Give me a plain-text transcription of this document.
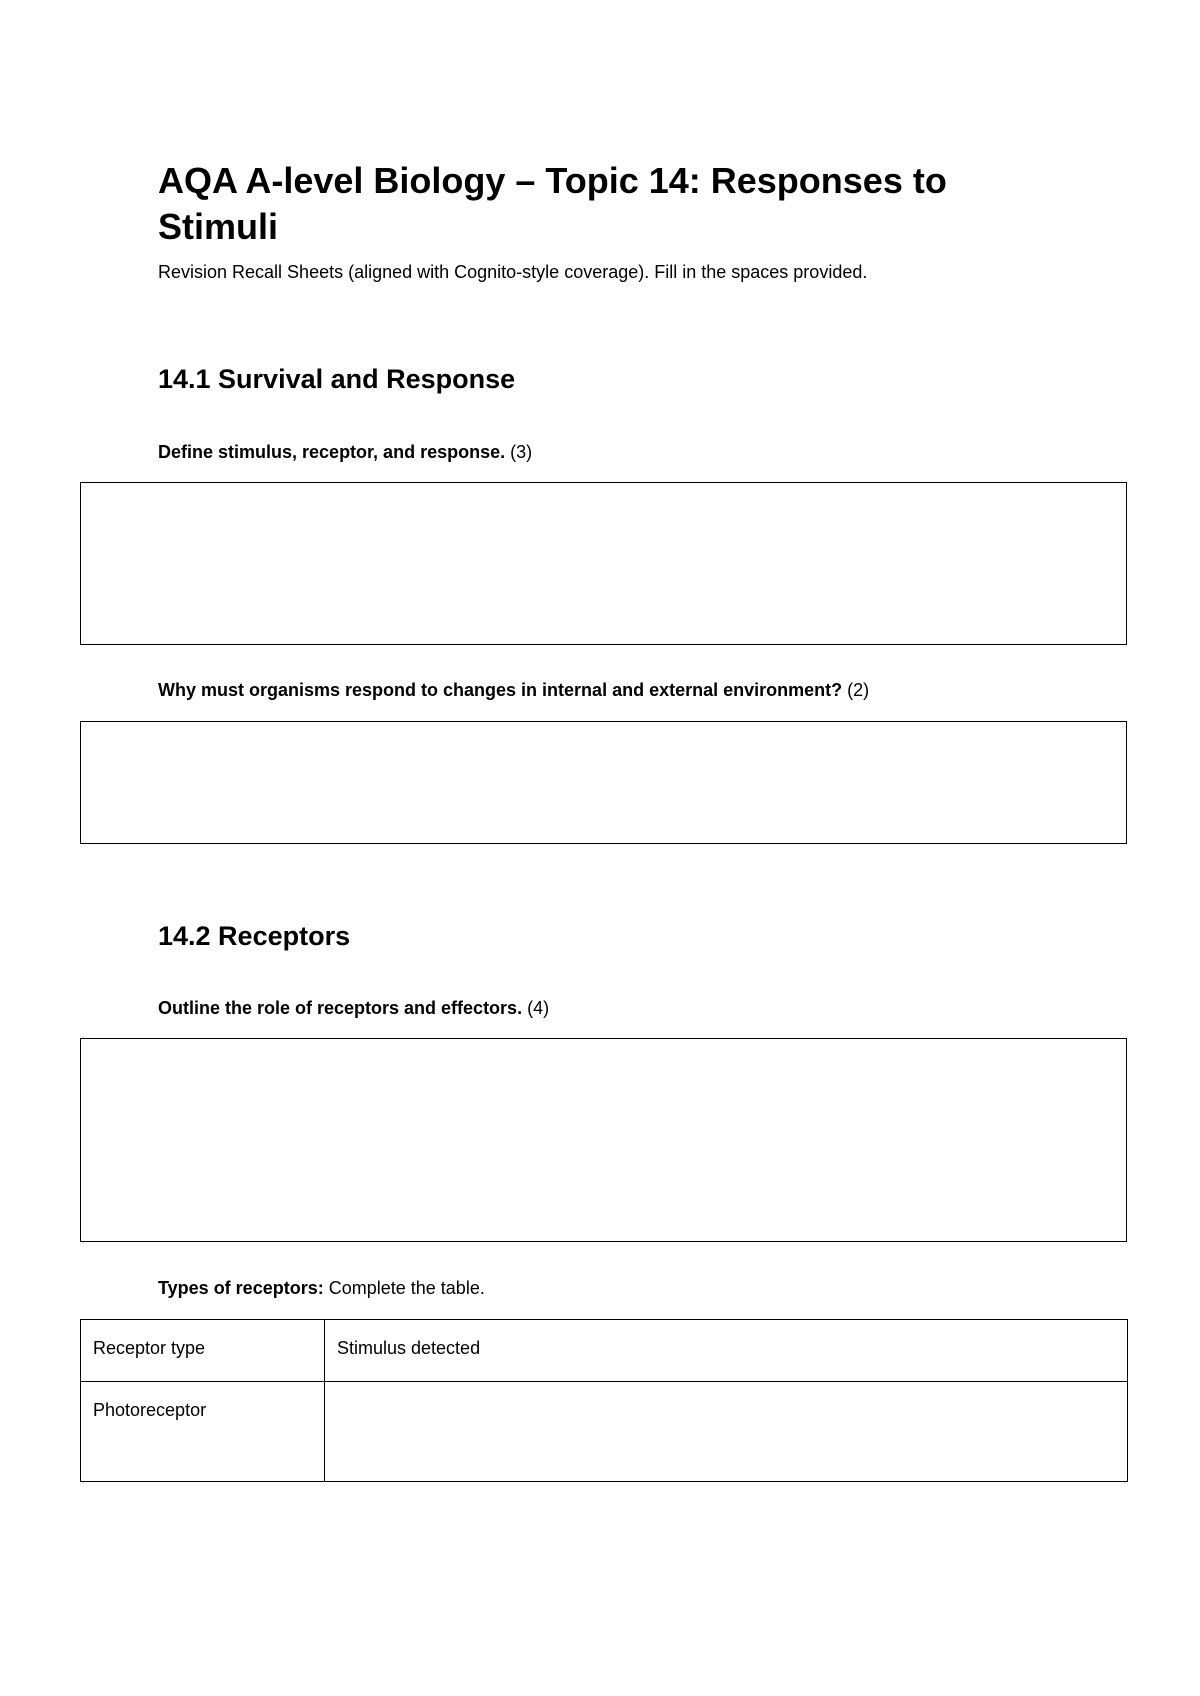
AQA A-level Biology – Topic 14: Responses to Stimuli

Revision Recall Sheets (aligned with Cognito-style coverage). Fill in the spaces provided.

14.1 Survival and Response

Define stimulus, receptor, and response. (3)

Why must organisms respond to changes in internal and external environment? (2)

14.2 Receptors

Outline the role of receptors and effectors. (4)

Types of receptors: Complete the table.

Receptor type	Stimulus detected
Photoreceptor	
